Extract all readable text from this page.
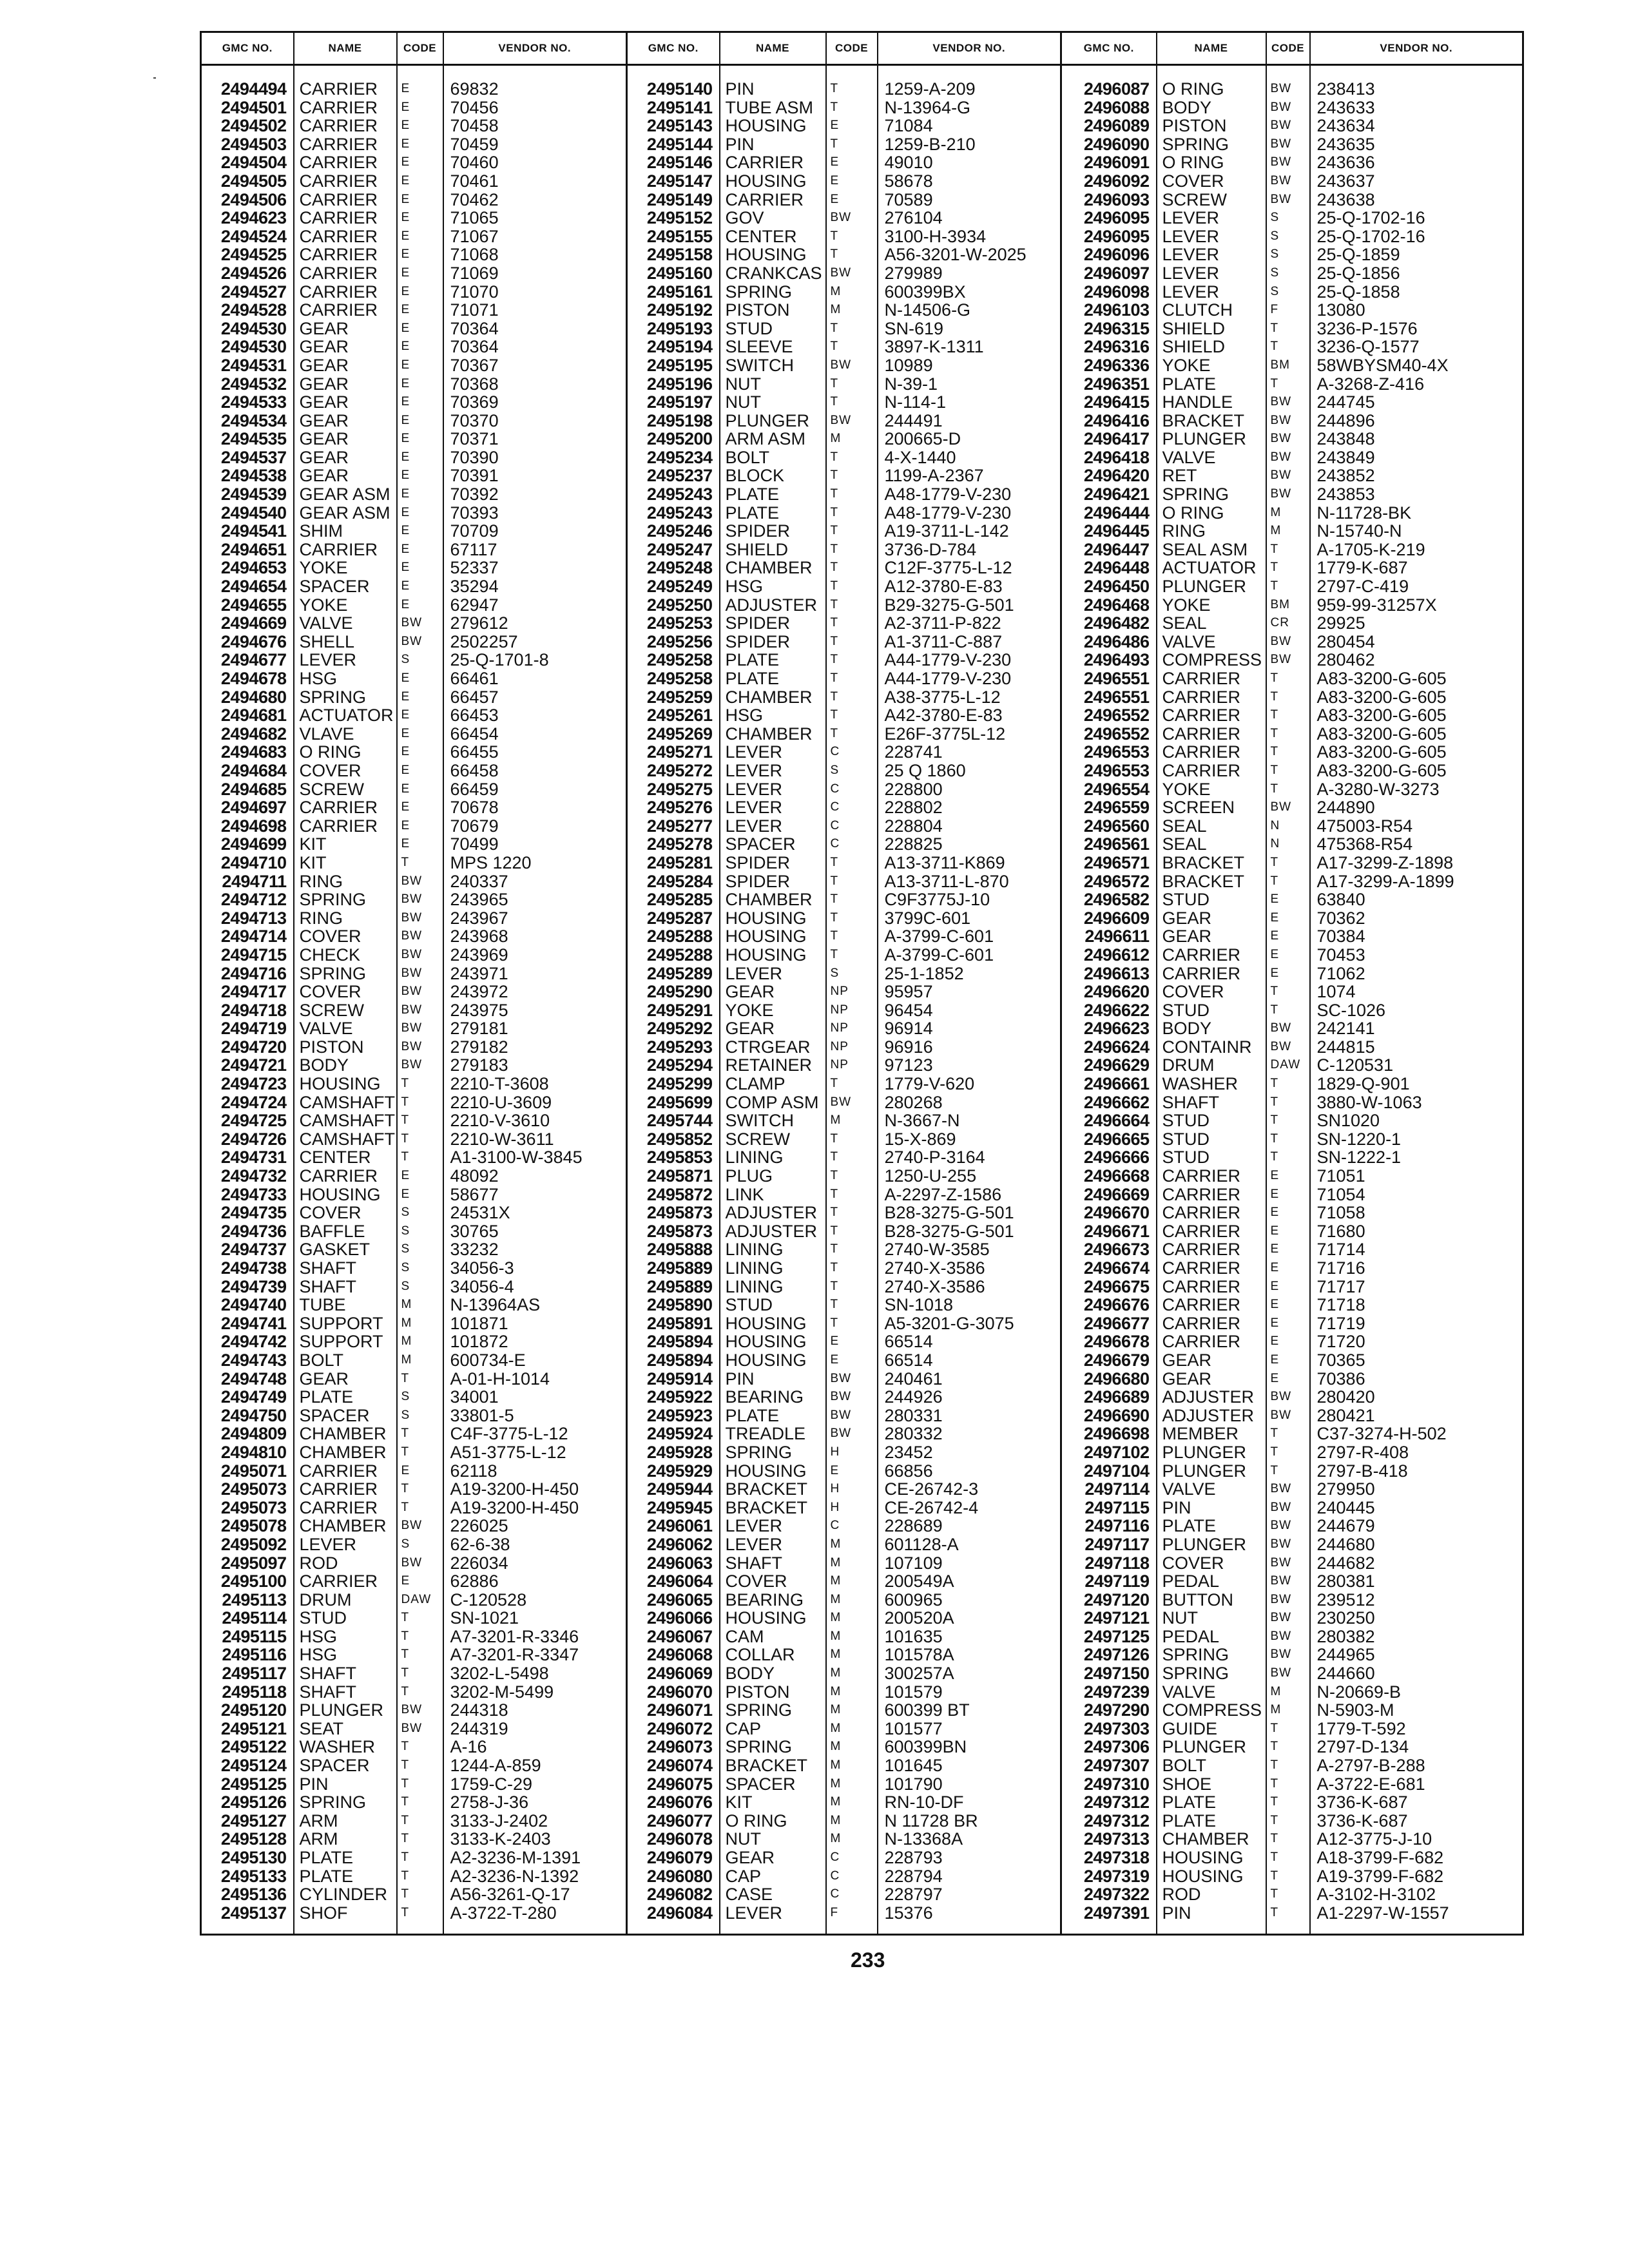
GMC NO.	NAME	CODE	VENDOR NO.	GMC NO.	NAME	CODE	VENDOR NO.	GMC NO.	NAME	CODE	VENDOR NO.
2494494	CARRIER	E	69832	2495140	PIN	T	1259-A-209	2496087	O RING	BW	238413
2494501	CARRIER	E	70456	2495141	TUBE ASM	T	N-13964-G	2496088	BODY	BW	243633
2494502	CARRIER	E	70458	2495143	HOUSING	E	71084	2496089	PISTON	BW	243634
2494503	CARRIER	E	70459	2495144	PIN	T	1259-B-210	2496090	SPRING	BW	243635
2494504	CARRIER	E	70460	2495146	CARRIER	E	49010	2496091	O RING	BW	243636
2494505	CARRIER	E	70461	2495147	HOUSING	E	58678	2496092	COVER	BW	243637
2494506	CARRIER	E	70462	2495149	CARRIER	E	70589	2496093	SCREW	BW	243638
2494623	CARRIER	E	71065	2495152	GOV	BW	276104	2496095	LEVER	S	25-Q-1702-16
2494524	CARRIER	E	71067	2495155	CENTER	T	3100-H-3934	2496095	LEVER	S	25-Q-1702-16
2494525	CARRIER	E	71068	2495158	HOUSING	T	A56-3201-W-2025	2496096	LEVER	S	25-Q-1859
2494526	CARRIER	E	71069	2495160	CRANKCAS	BW	279989	2496097	LEVER	S	25-Q-1856
2494527	CARRIER	E	71070	2495161	SPRING	M	600399BX	2496098	LEVER	S	25-Q-1858
2494528	CARRIER	E	71071	2495192	PISTON	M	N-14506-G	2496103	CLUTCH	F	13080
2494530	GEAR	E	70364	2495193	STUD	T	SN-619	2496315	SHIELD	T	3236-P-1576
2494530	GEAR	E	70364	2495194	SLEEVE	T	3897-K-1311	2496316	SHIELD	T	3236-Q-1577
2494531	GEAR	E	70367	2495195	SWITCH	BW	10989	2496336	YOKE	BM	58WBYSM40-4X
2494532	GEAR	E	70368	2495196	NUT	T	N-39-1	2496351	PLATE	T	A-3268-Z-416
2494533	GEAR	E	70369	2495197	NUT	T	N-114-1	2496415	HANDLE	BW	244745
2494534	GEAR	E	70370	2495198	PLUNGER	BW	244491	2496416	BRACKET	BW	244896
2494535	GEAR	E	70371	2495200	ARM ASM	M	200665-D	2496417	PLUNGER	BW	243848
2494537	GEAR	E	70390	2495234	BOLT	T	4-X-1440	2496418	VALVE	BW	243849
2494538	GEAR	E	70391	2495237	BLOCK	T	1199-A-2367	2496420	RET	BW	243852
2494539	GEAR ASM	E	70392	2495243	PLATE	T	A48-1779-V-230	2496421	SPRING	BW	243853
2494540	GEAR ASM	E	70393	2495243	PLATE	T	A48-1779-V-230	2496444	O RING	M	N-11728-BK
2494541	SHIM	E	70709	2495246	SPIDER	T	A19-3711-L-142	2496445	RING	M	N-15740-N
2494651	CARRIER	E	67117	2495247	SHIELD	T	3736-D-784	2496447	SEAL ASM	T	A-1705-K-219
2494653	YOKE	E	52337	2495248	CHAMBER	T	C12F-3775-L-12	2496448	ACTUATOR	T	1779-K-687
2494654	SPACER	E	35294	2495249	HSG	T	A12-3780-E-83	2496450	PLUNGER	T	2797-C-419
2494655	YOKE	E	62947	2495250	ADJUSTER	T	B29-3275-G-501	2496468	YOKE	BM	959-99-31257X
2494669	VALVE	BW	279612	2495253	SPIDER	T	A2-3711-P-822	2496482	SEAL	CR	29925
2494676	SHELL	BW	2502257	2495256	SPIDER	T	A1-3711-C-887	2496486	VALVE	BW	280454
2494677	LEVER	S	25-Q-1701-8	2495258	PLATE	T	A44-1779-V-230	2496493	COMPRESS	BW	280462
2494678	HSG	E	66461	2495258	PLATE	T	A44-1779-V-230	2496551	CARRIER	T	A83-3200-G-605
2494680	SPRING	E	66457	2495259	CHAMBER	T	A38-3775-L-12	2496551	CARRIER	T	A83-3200-G-605
2494681	ACTUATOR	E	66453	2495261	HSG	T	A42-3780-E-83	2496552	CARRIER	T	A83-3200-G-605
2494682	VLAVE	E	66454	2495269	CHAMBER	T	E26F-3775L-12	2496552	CARRIER	T	A83-3200-G-605
2494683	O RING	E	66455	2495271	LEVER	C	228741	2496553	CARRIER	T	A83-3200-G-605
2494684	COVER	E	66458	2495272	LEVER	S	25 Q 1860	2496553	CARRIER	T	A83-3200-G-605
2494685	SCREW	E	66459	2495275	LEVER	C	228800	2496554	YOKE	T	A-3280-W-3273
2494697	CARRIER	E	70678	2495276	LEVER	C	228802	2496559	SCREEN	BW	244890
2494698	CARRIER	E	70679	2495277	LEVER	C	228804	2496560	SEAL	N	475003-R54
2494699	KIT	E	70499	2495278	SPACER	C	228825	2496561	SEAL	N	475368-R54
2494710	KIT	T	MPS 1220	2495281	SPIDER	T	A13-3711-K869	2496571	BRACKET	T	A17-3299-Z-1898
2494711	RING	BW	240337	2495284	SPIDER	T	A13-3711-L-870	2496572	BRACKET	T	A17-3299-A-1899
2494712	SPRING	BW	243965	2495285	CHAMBER	T	C9F3775J-10	2496582	STUD	E	63840
2494713	RING	BW	243967	2495287	HOUSING	T	3799C-601	2496609	GEAR	E	70362
2494714	COVER	BW	243968	2495288	HOUSING	T	A-3799-C-601	2496611	GEAR	E	70384
2494715	CHECK	BW	243969	2495288	HOUSING	T	A-3799-C-601	2496612	CARRIER	E	70453
2494716	SPRING	BW	243971	2495289	LEVER	S	25-1-1852	2496613	CARRIER	E	71062
2494717	COVER	BW	243972	2495290	GEAR	NP	95957	2496620	COVER	T	1074
2494718	SCREW	BW	243975	2495291	YOKE	NP	96454	2496622	STUD	T	SC-1026
2494719	VALVE	BW	279181	2495292	GEAR	NP	96914	2496623	BODY	BW	242141
2494720	PISTON	BW	279182	2495293	CTRGEAR	NP	96916	2496624	CONTAINR	BW	244815
2494721	BODY	BW	279183	2495294	RETAINER	NP	97123	2496629	DRUM	DAW	C-120531
2494723	HOUSING	T	2210-T-3608	2495299	CLAMP	T	1779-V-620	2496661	WASHER	T	1829-Q-901
2494724	CAMSHAFT	T	2210-U-3609	2495699	COMP ASM	BW	280268	2496662	SHAFT	T	3880-W-1063
2494725	CAMSHAFT	T	2210-V-3610	2495744	SWITCH	M	N-3667-N	2496664	STUD	T	SN1020
2494726	CAMSHAFT	T	2210-W-3611	2495852	SCREW	T	15-X-869	2496665	STUD	T	SN-1220-1
2494731	CENTER	T	A1-3100-W-3845	2495853	LINING	T	2740-P-3164	2496666	STUD	T	SN-1222-1
2494732	CARRIER	E	48092	2495871	PLUG	T	1250-U-255	2496668	CARRIER	E	71051
2494733	HOUSING	E	58677	2495872	LINK	T	A-2297-Z-1586	2496669	CARRIER	E	71054
2494735	COVER	S	24531X	2495873	ADJUSTER	T	B28-3275-G-501	2496670	CARRIER	E	71058
2494736	BAFFLE	S	30765	2495873	ADJUSTER	T	B28-3275-G-501	2496671	CARRIER	E	71680
2494737	GASKET	S	33232	2495888	LINING	T	2740-W-3585	2496673	CARRIER	E	71714
2494738	SHAFT	S	34056-3	2495889	LINING	T	2740-X-3586	2496674	CARRIER	E	71716
2494739	SHAFT	S	34056-4	2495889	LINING	T	2740-X-3586	2496675	CARRIER	E	71717
2494740	TUBE	M	N-13964AS	2495890	STUD	T	SN-1018	2496676	CARRIER	E	71718
2494741	SUPPORT	M	101871	2495891	HOUSING	T	A5-3201-G-3075	2496677	CARRIER	E	71719
2494742	SUPPORT	M	101872	2495894	HOUSING	E	66514	2496678	CARRIER	E	71720
2494743	BOLT	M	600734-E	2495894	HOUSING	E	66514	2496679	GEAR	E	70365
2494748	GEAR	T	A-01-H-1014	2495914	PIN	BW	240461	2496680	GEAR	E	70386
2494749	PLATE	S	34001	2495922	BEARING	BW	244926	2496689	ADJUSTER	BW	280420
2494750	SPACER	S	33801-5	2495923	PLATE	BW	280331	2496690	ADJUSTER	BW	280421
2494809	CHAMBER	T	C4F-3775-L-12	2495924	TREADLE	BW	280332	2496698	MEMBER	T	C37-3274-H-502
2494810	CHAMBER	T	A51-3775-L-12	2495928	SPRING	H	23452	2497102	PLUNGER	T	2797-R-408
2495071	CARRIER	E	62118	2495929	HOUSING	E	66856	2497104	PLUNGER	T	2797-B-418
2495073	CARRIER	T	A19-3200-H-450	2495944	BRACKET	H	CE-26742-3	2497114	VALVE	BW	279950
2495073	CARRIER	T	A19-3200-H-450	2495945	BRACKET	H	CE-26742-4	2497115	PIN	BW	240445
2495078	CHAMBER	BW	226025	2496061	LEVER	C	228689	2497116	PLATE	BW	244679
2495092	LEVER	S	62-6-38	2496062	LEVER	M	601128-A	2497117	PLUNGER	BW	244680
2495097	ROD	BW	226034	2496063	SHAFT	M	107109	2497118	COVER	BW	244682
2495100	CARRIER	E	62886	2496064	COVER	M	200549A	2497119	PEDAL	BW	280381
2495113	DRUM	DAW	C-120528	2496065	BEARING	M	600965	2497120	BUTTON	BW	239512
2495114	STUD	T	SN-1021	2496066	HOUSING	M	200520A	2497121	NUT	BW	230250
2495115	HSG	T	A7-3201-R-3346	2496067	CAM	M	101635	2497125	PEDAL	BW	280382
2495116	HSG	T	A7-3201-R-3347	2496068	COLLAR	M	101578A	2497126	SPRING	BW	244965
2495117	SHAFT	T	3202-L-5498	2496069	BODY	M	300257A	2497150	SPRING	BW	244660
2495118	SHAFT	T	3202-M-5499	2496070	PISTON	M	101579	2497239	VALVE	M	N-20669-B
2495120	PLUNGER	BW	244318	2496071	SPRING	M	600399 BT	2497290	COMPRESS	M	N-5903-M
2495121	SEAT	BW	244319	2496072	CAP	M	101577	2497303	GUIDE	T	1779-T-592
2495122	WASHER	T	A-16	2496073	SPRING	M	600399BN	2497306	PLUNGER	T	2797-D-134
2495124	SPACER	T	1244-A-859	2496074	BRACKET	M	101645	2497307	BOLT	T	A-2797-B-288
2495125	PIN	T	1759-C-29	2496075	SPACER	M	101790	2497310	SHOE	T	A-3722-E-681
2495126	SPRING	T	2758-J-36	2496076	KIT	M	RN-10-DF	2497312	PLATE	T	3736-K-687
2495127	ARM	T	3133-J-2402	2496077	O RING	M	N 11728 BR	2497312	PLATE	T	3736-K-687
2495128	ARM	T	3133-K-2403	2496078	NUT	M	N-13368A	2497313	CHAMBER	T	A12-3775-J-10
2495130	PLATE	T	A2-3236-M-1391	2496079	GEAR	C	228793	2497318	HOUSING	T	A18-3799-F-682
2495133	PLATE	T	A2-3236-N-1392	2496080	CAP	C	228794	2497319	HOUSING	T	A19-3799-F-682
2495136	CYLINDER	T	A56-3261-Q-17	2496082	CASE	C	228797	2497322	ROD	T	A-3102-H-3102
2495137	SHOF	T	A-3722-T-280	2496084	LEVER	F	15376	2497391	PIN	T	A1-2297-W-1557
233
